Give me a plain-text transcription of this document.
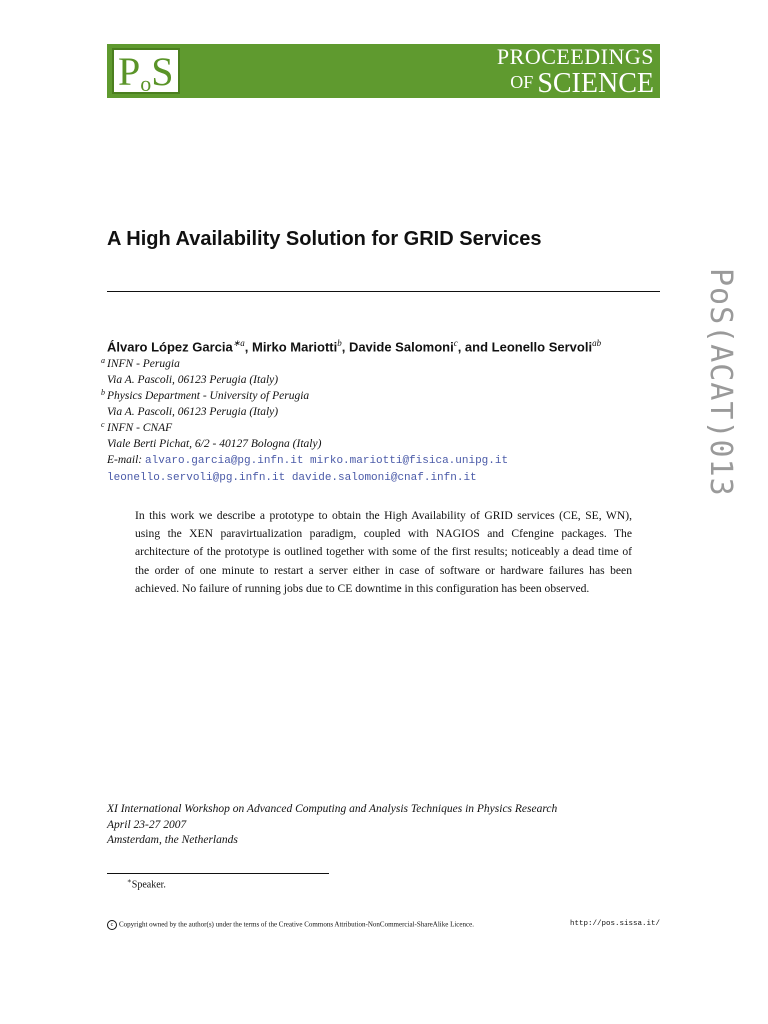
PoS	PROCEEDINGS
OF SCIENCE
PoS(ACAT)013
A High Availability Solution for GRID Services
Álvaro López Garcia$^{∗a}$, Mirko Mariotti$^b$, Davide Salomoni$^c$, and Leonello Servoli$^{ab}$
a INFN - Perugia
Via A. Pascoli, 06123 Perugia (Italy)
b Physics Department - University of Perugia
Via A. Pascoli, 06123 Perugia (Italy)
c INFN - CNAF
Viale Berti Pichat, 6/2 - 40127 Bologna (Italy)
E-mail: alvaro.garcia@pg.infn.it mirko.mariotti@fisica.unipg.it
leonello.servoli@pg.infn.it davide.salomoni@cnaf.infn.it
In this work we describe a prototype to obtain the High Availability of GRID services (CE, SE, WN), using the XEN paravirtualization paradigm, coupled with NAGIOS and Cfengine packages. The architecture of the prototype is outlined together with some of the first results; noticeably a dead time of the order of one minute to restart a server either in case of software or hardware failures has been achieved. No failure of running jobs due to CE downtime in this configuration has been observed.
XI International Workshop on Advanced Computing and Analysis Techniques in Physics Research
April 23-27 2007
Amsterdam, the Netherlands
∗Speaker.
c Copyright owned by the author(s) under the terms of the Creative Commons Attribution-NonCommercial-ShareAlike Licence.	http://pos.sissa.it/
